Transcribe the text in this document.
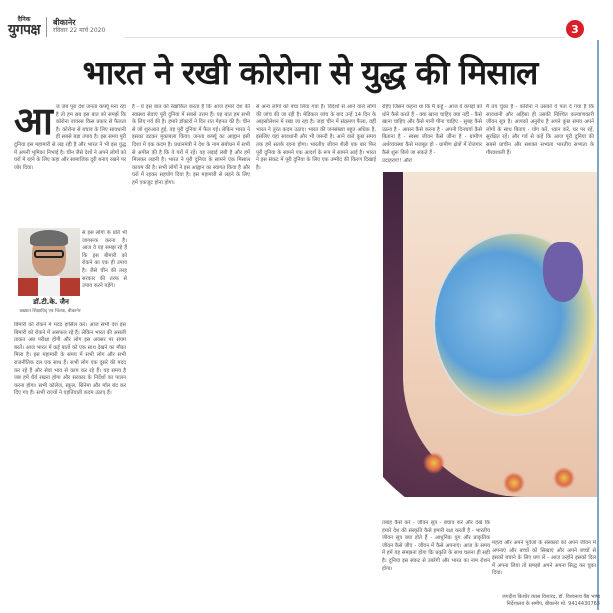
दैनिक
युगपक्ष बीकानेर
रविवार 22 मार्च 2020	3
भारत ने रखी कोरोना से युद्ध की मिसाल
आ ज जब पूरा देश जनता कर्फ्यू मना रहा है तो हम सब इस बात को समझें कि कोरोना वायरस किस प्रकार से फैलता है। कोरोना से बचाव के लिए सावधानी ही सबसे बड़ा उपाय है। इस समय पूरी दुनिया इस महामारी से लड़ रही है और भारत ने भी इस युद्ध में अपनी भूमिका निभाई है। चीन जैसे देशों ने अपने लोगों को घरों में रहने के लिए कहा और सामाजिक दूरी बनाए रखने पर जोर दिया।
डॉ.टी.के. जैन
प्रख्यात शिक्षाविद् एवं चिंतक, बीकानेर
से इस लोगों के प्रति भी जागरूक करना है। आज वे यह समझ रहे हैं कि इस बीमारी को रोकने का एक ही उपाय है। जैसे चीन की तरह सरकार की तरफ से उपाय करने पड़ेंगे।
बिमारी को रोकने में मदद हासिल करें। आज सभी देश इस बिमारी को रोकने में असफल रहे हैं। लेकिन भारत की असली ताकत अब परीक्षा होगी और लोग इस अवसर पर संयम बरतें। आज भारत में कई बातों को एक साथ देखने का मौका मिला है। इस महामारी के समय में सभी लोग और सभी राजनीतिक दल एक साथ हैं। सभी लोग एक दूसरे की मदद कर रहे हैं और सेवा भाव से काम कर रहे हैं। यह समय है जब हमें धैर्य रखना होगा और सरकार के निर्देशों का पालन करना होगा। सभी कॉलेज, स्कूल, सिनेमा और मॉल बंद कर दिए गए हैं। सभी राज्यों ने एहतियाती कदम उठाए हैं।
है - ये इस बात को रेखांकित करता है कि आज हमारे देश की स्वास्थ्य सेवाएं पूरी दुनिया में सबसे उत्तम हैं। यह बात हम सभी के लिए गर्व की है। हमारे डॉक्टरों ने दिन रात मेहनत की है। चीन से जो शुरुआत हुई, वह पूरी दुनिया में फैल गई। लेकिन भारत ने इसका डटकर मुकाबला किया। जनता कर्फ्यू का आह्वान इसी दिशा में एक कदम है। प्रधानमंत्री ने देश के नाम संबोधन में सभी से अपील की है कि वे घरों में रहें। यह लड़ाई लंबी है और हमें मिलकर लड़नी है। भारत ने पूरी दुनिया के सामने एक मिसाल कायम की है। सभी लोगों ने इस आह्वान का स्वागत किया है और घरों में रहकर सहयोग दिया है। इस महामारी से लड़ने के लिए हमें एकजुट होना होगा।
से अन्य लोगों को बचा लिया गया है। विदेशों से आने वाले लोगों की जांच की जा रही है। मेडिकल जांच के बाद उन्हें 14 दिन के आइसोलेशन में रखा जा रहा है। जहां चीन में संक्रमण फैला, वहीं भारत ने तुरंत कदम उठाए। भारत की जनसंख्या बहुत अधिक है, इसलिए यहां सावधानी और भी जरूरी है। आने वाले कुछ समय तक हमें सतर्क रहना होगा। भारतीय जीवन शैली एक बार फिर पूरी दुनिया के सामने एक आदर्श के रूप में सामने आई है। भारत ने इस संकट में पूरी दुनिया के लिए एक उम्मीद की किरण दिखाई है।
रहिए जिसने कहना था कि मैं कहूं - आज ये कपड़ों को धोने कैसे करते हैं - क्या खाना चाहिए क्या नहीं - कैसे खाना चाहिए और कैसे पानी पीना चाहिए - सुबह कैसे उठना है - आसन कैसे करना है - अपनी दिनचर्या कैसे बिताना है - स्वस्थ जीवन कैसे जीना है - ग्रामीण अर्थव्यवस्था कैसे मजबूत हो - ग्रामीण क्षेत्रों में रोजगार कैसे शुरू किये जा सकते हैं -
उदाहरण!! और!
मैं तय चुका है - कोरोना ने उसको ये पता दे गया है कि सावधानी और अहिंसा ही उसकी निश्चित कल्याणकारी जीवन सूत्र है। आपको अनुरोध है अपने कुछ समय अपने लोगों के साथ बिताएं - योग करें, ध्यान करें, घर पर रहें, सुरक्षित रहें। और गर्व से कहें कि आज पूरी दुनिया की सबसे प्राचीन और सशक्त सभ्यता भारतीय सभ्यता के गौरवशाली हैं।
तबाह कैसे करें - जीवन सूत्र - बचाव करें और देखें कि हमारे देश की संस्कृति कैसे हमारी रक्षा करती है - भारतीय जीवन सूत्र क्या होते हैं - आधुनिक युग और प्राकृतिक जीवन कैसे जीएं - जीवन में कैसे अपनाएं। आज के समय में हमें यह समझना होगा कि प्रकृति के साथ चलना ही सही है। दुनिया इस संकट से उबरेगी और भारत का नाम रोशन होगा।
महत्व और अपने पूर्वजों के संस्कारों को अपने जीवन में अपनाएं और बच्चों को सिखाएं और अपने बच्चों से इसको बचाने के लिए प्रण लें - आज उन्होंने इसको दिल में अपना लिया तो समझो अपने अपना सिद्ध कर चुका दिया।
जगदीश किशोर व्यास विशारद, डॉ. विश्वनाथ वैद्य भाषा
निर्देशालय के समीप, बीकानेर मो. 9414430763
